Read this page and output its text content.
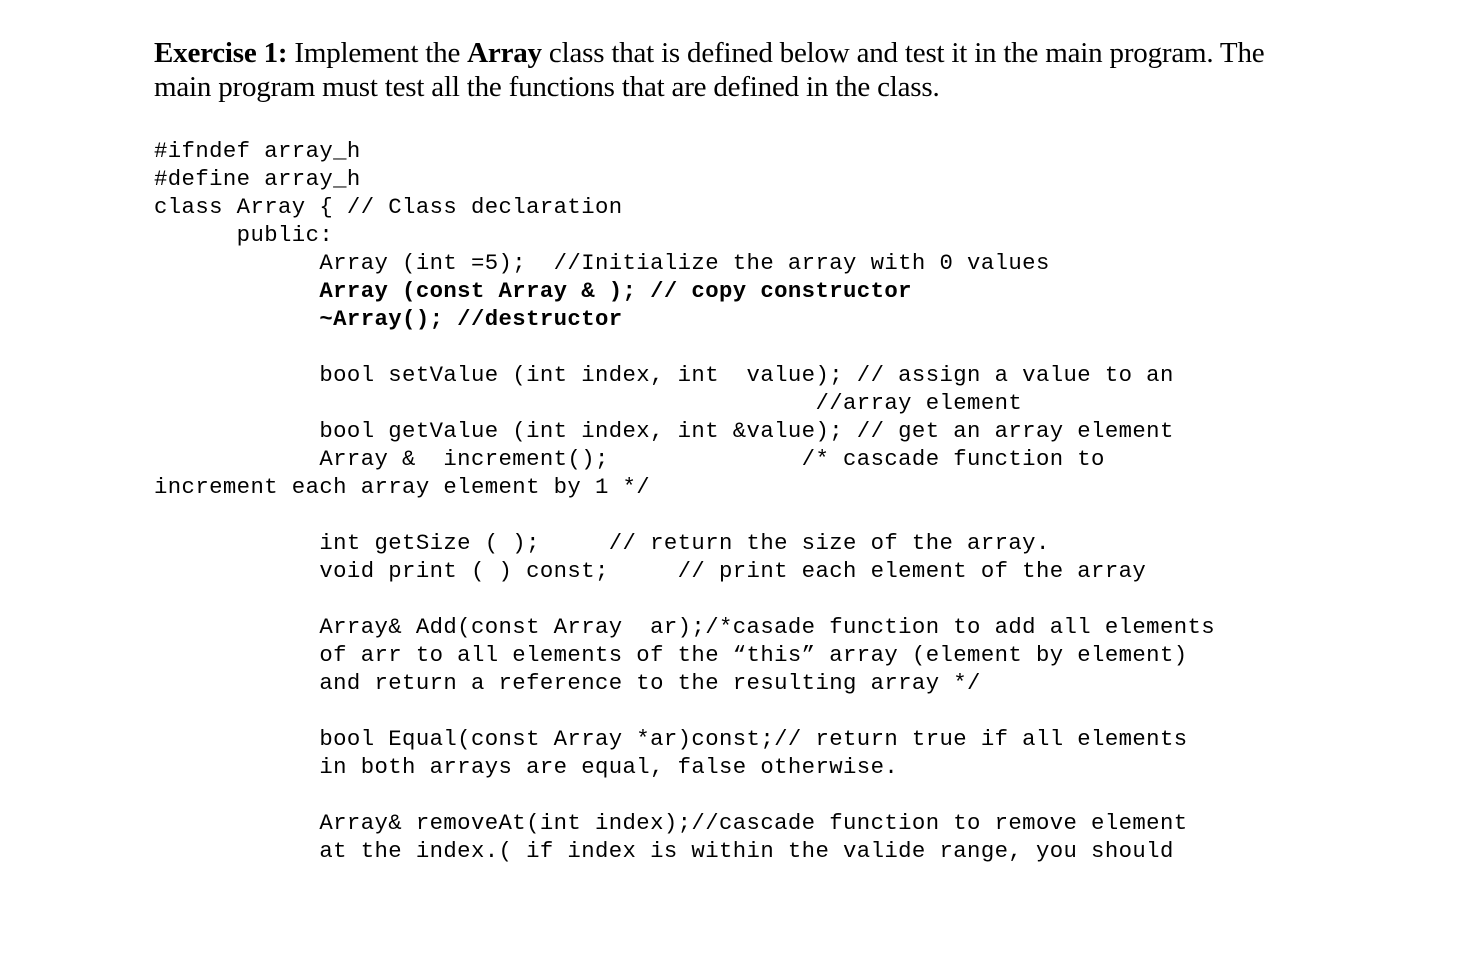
Exercise 1: Implement the Array class that is defined below and test it in the main program. The
main program must test all the functions that are defined in the class.
#ifndef array_h
#define array_h
class Array { // Class declaration
public:
Array (int =5);  //Initialize the array with 0 values
Array (const Array & ); // copy constructor
~Array(); //destructor
bool setValue (int index, int  value); // assign a value to an
//array element
bool getValue (int index, int &value); // get an array element
Array &  increment();              /* cascade function to
increment each array element by 1 */
int getSize ( );     // return the size of the array.
void print ( ) const;     // print each element of the array
Array& Add(const Array  ar);/*casade function to add all elements
of arr to all elements of the “this” array (element by element)
and return a reference to the resulting array */
bool Equal(const Array *ar)const;// return true if all elements
in both arrays are equal, false otherwise.
Array& removeAt(int index);//cascade function to remove element
at the index.( if index is within the valide range, you should
